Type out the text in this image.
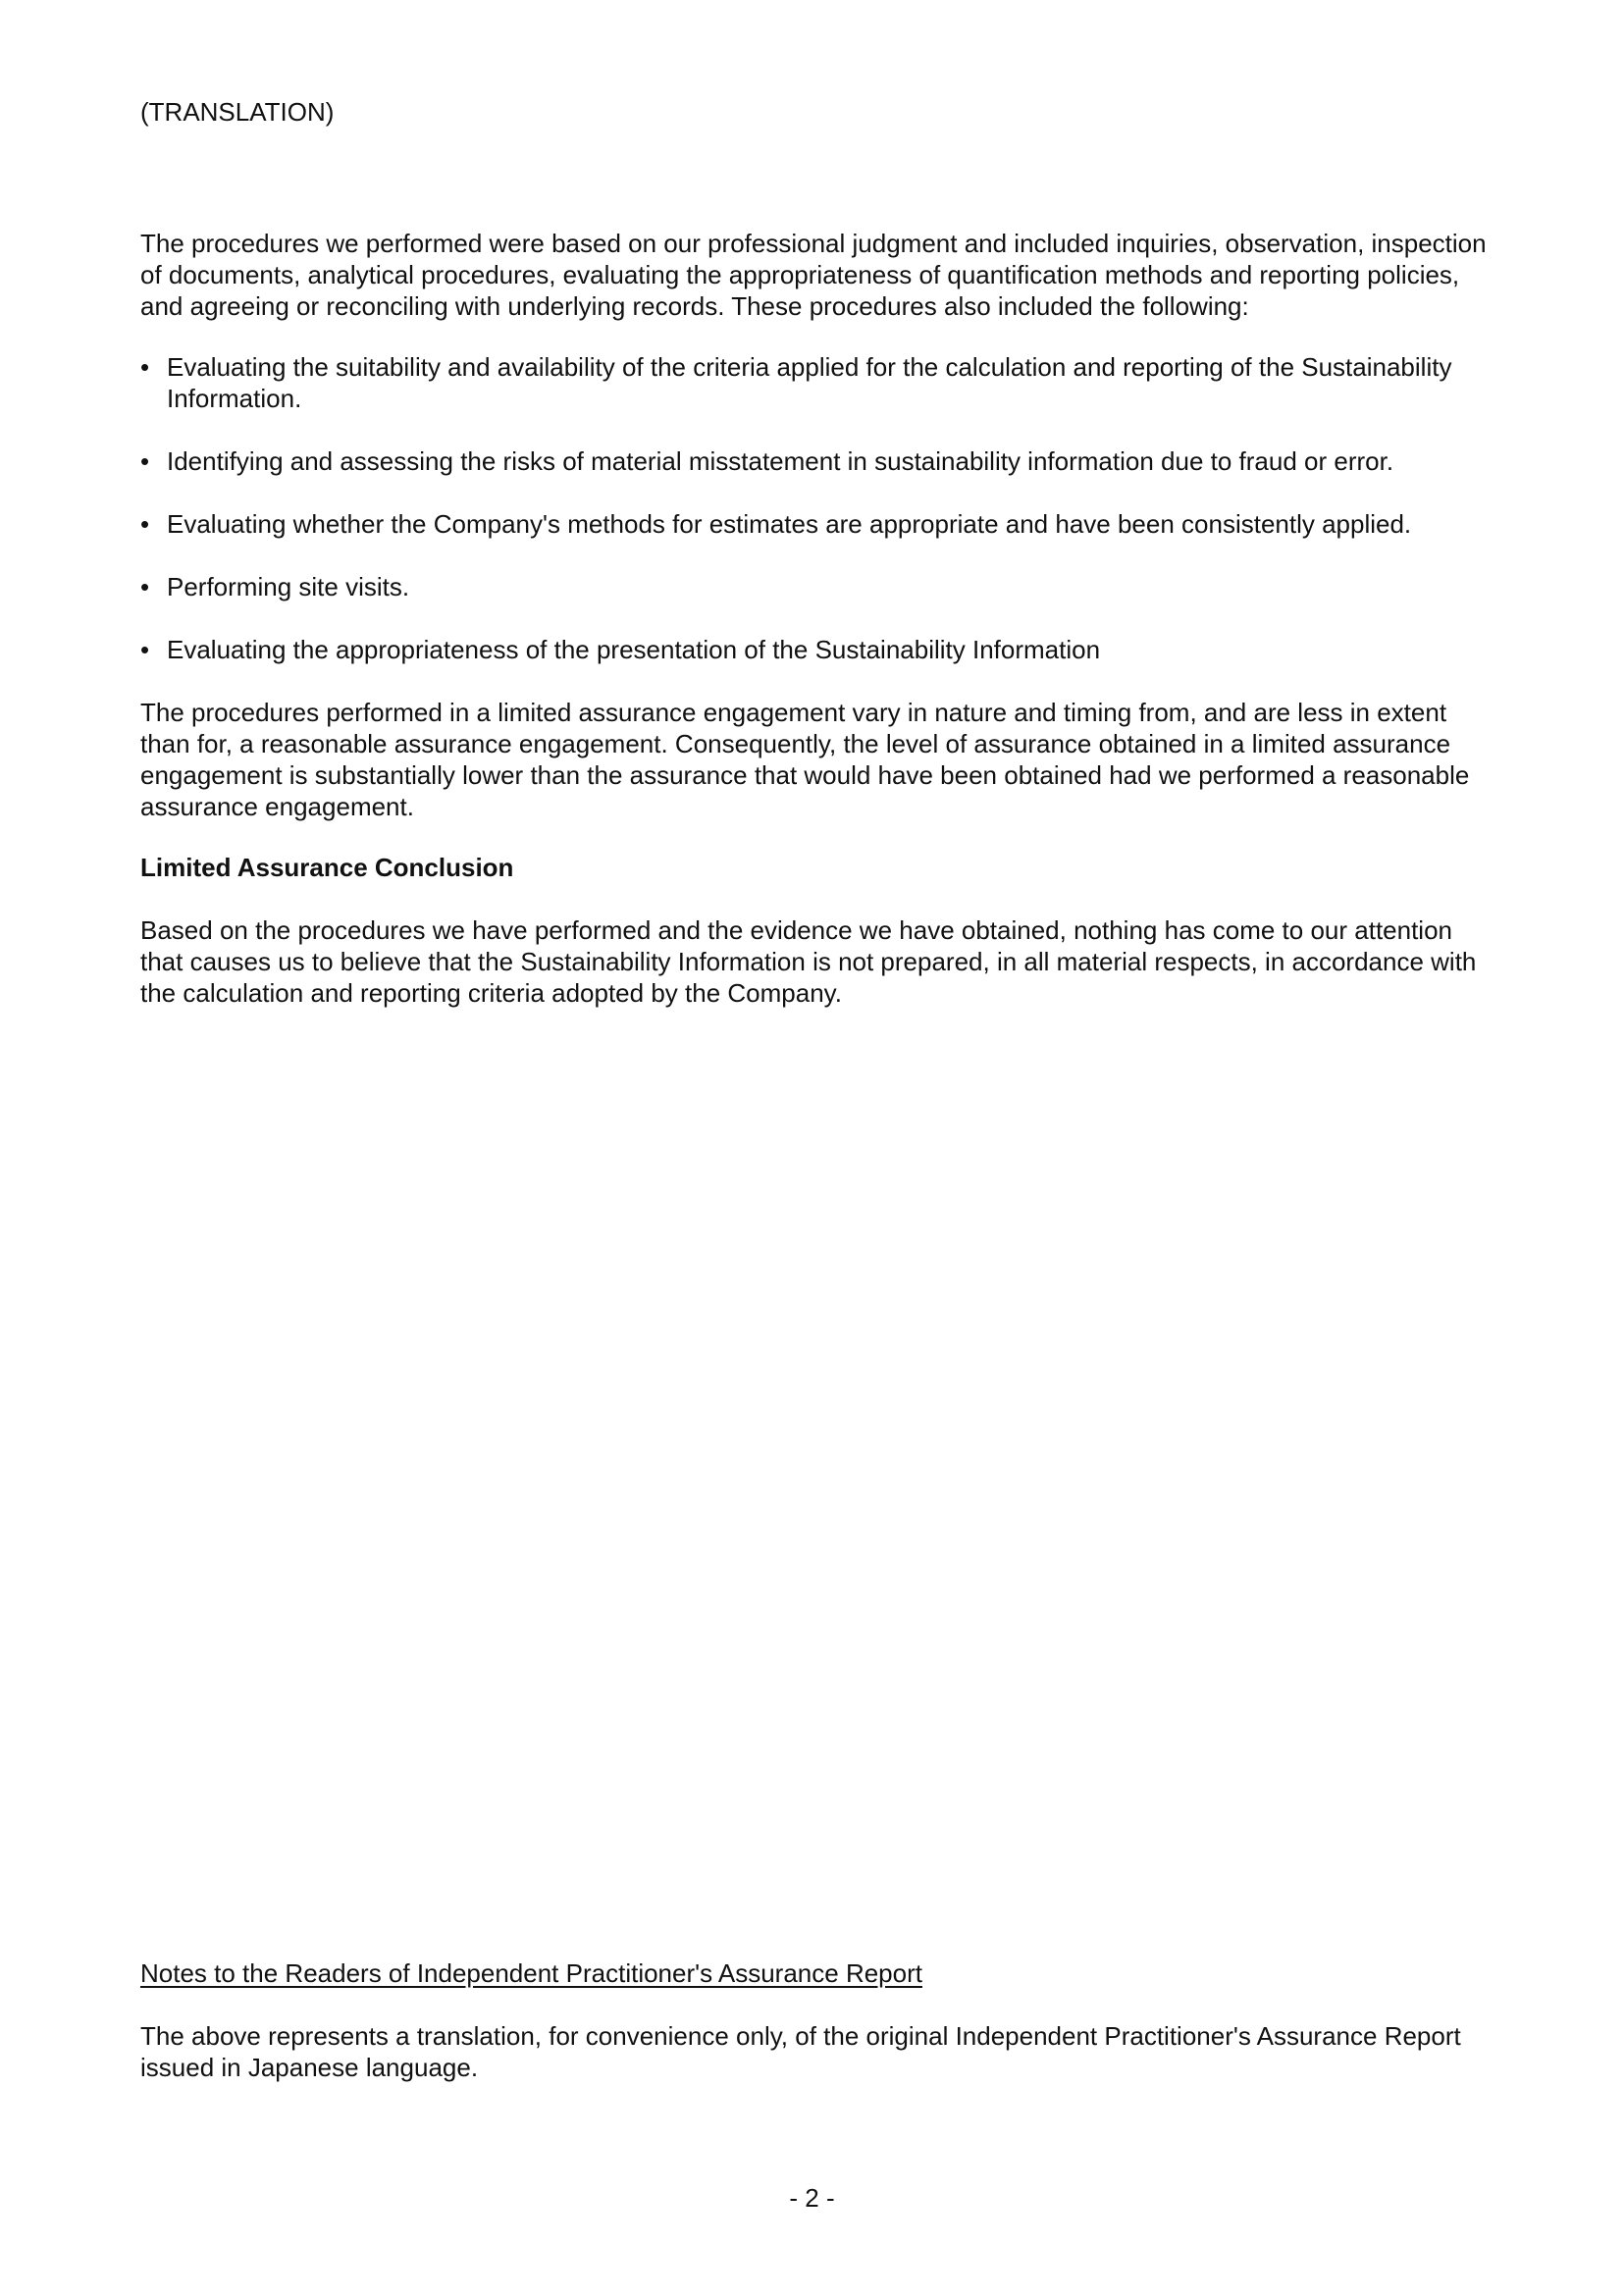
(TRANSLATION)

The procedures we performed were based on our professional judgment and included inquiries, observation, inspection of documents, analytical procedures, evaluating the appropriateness of quantification methods and reporting policies, and agreeing or reconciling with underlying records. These procedures also included the following:

• Evaluating the suitability and availability of the criteria applied for the calculation and reporting of the Sustainability Information.
• Identifying and assessing the risks of material misstatement in sustainability information due to fraud or error.
• Evaluating whether the Company's methods for estimates are appropriate and have been consistently applied.
• Performing site visits.
• Evaluating the appropriateness of the presentation of the Sustainability Information

The procedures performed in a limited assurance engagement vary in nature and timing from, and are less in extent than for, a reasonable assurance engagement. Consequently, the level of assurance obtained in a limited assurance engagement is substantially lower than the assurance that would have been obtained had we performed a reasonable assurance engagement.

Limited Assurance Conclusion

Based on the procedures we have performed and the evidence we have obtained, nothing has come to our attention that causes us to believe that the Sustainability Information is not prepared, in all material respects, in accordance with the calculation and reporting criteria adopted by the Company.

Notes to the Readers of Independent Practitioner's Assurance Report

The above represents a translation, for convenience only, of the original Independent Practitioner's Assurance Report issued in Japanese language.

- 2 -
